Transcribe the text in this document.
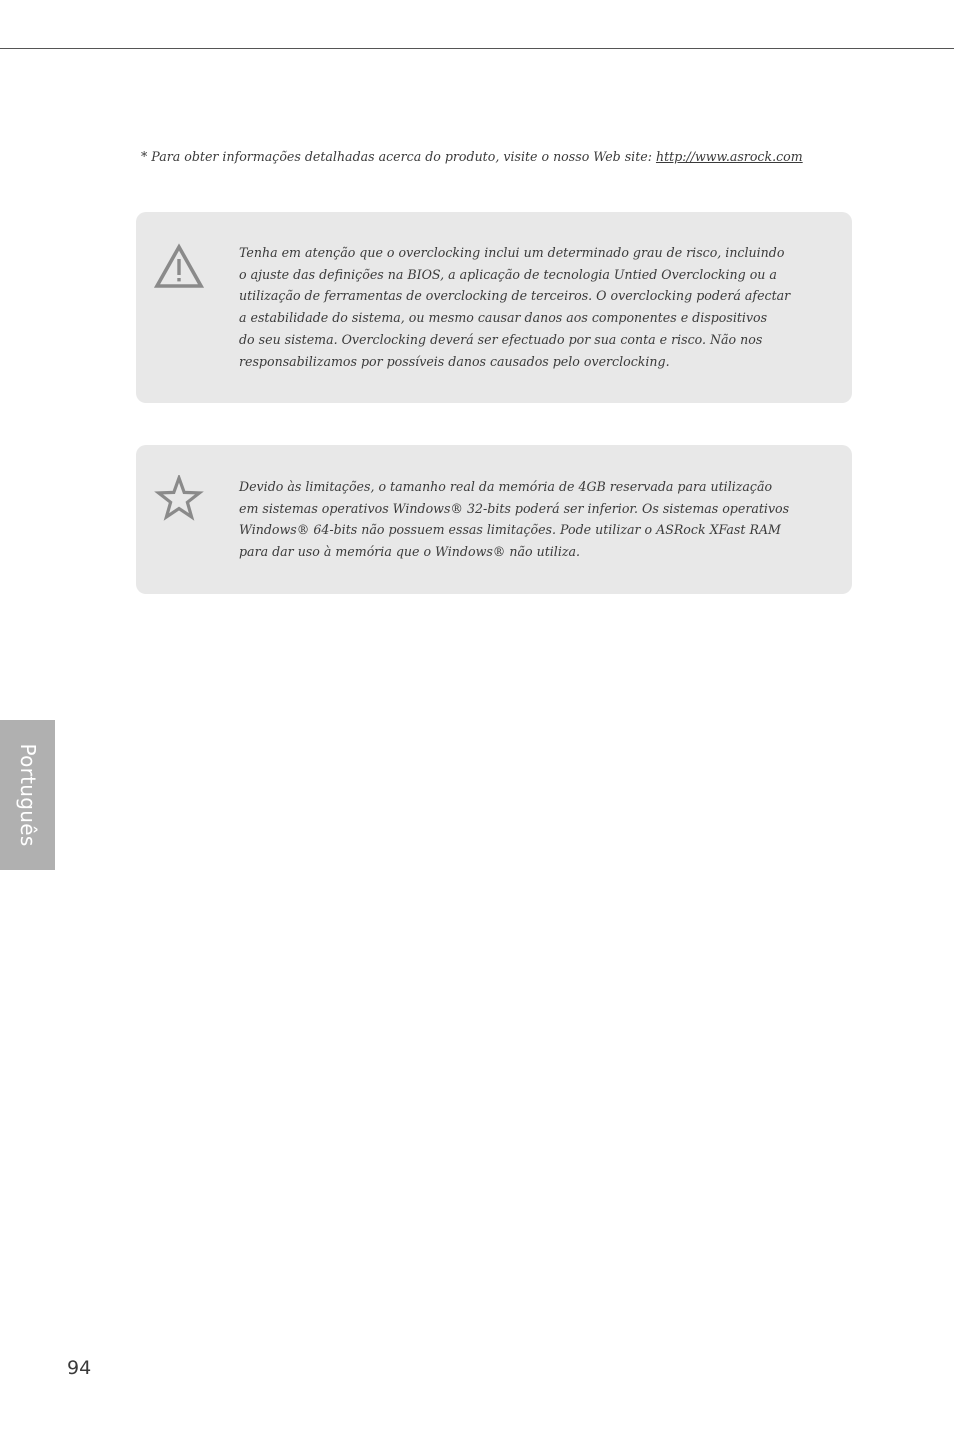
* Para obter informações detalhadas acerca do produto, visite o nosso Web site: http://www.asrock.com

Tenha em atenção que o overclocking inclui um determinado grau de risco, incluindo
o ajuste das definições na BIOS, a aplicação de tecnologia Untied Overclocking ou a
utilização de ferramentas de overclocking de terceiros. O overclocking poderá afectar
a estabilidade do sistema, ou mesmo causar danos aos componentes e dispositivos
do seu sistema. Overclocking deverá ser efectuado por sua conta e risco. Não nos
responsabilizamos por possíveis danos causados pelo overclocking.

Devido às limitações, o tamanho real da memória de 4GB reservada para utilização
em sistemas operativos Windows® 32-bits poderá ser inferior. Os sistemas operativos
Windows® 64-bits não possuem essas limitações. Pode utilizar o ASRock XFast RAM
para dar uso à memória que o Windows® não utiliza.

Português
94
